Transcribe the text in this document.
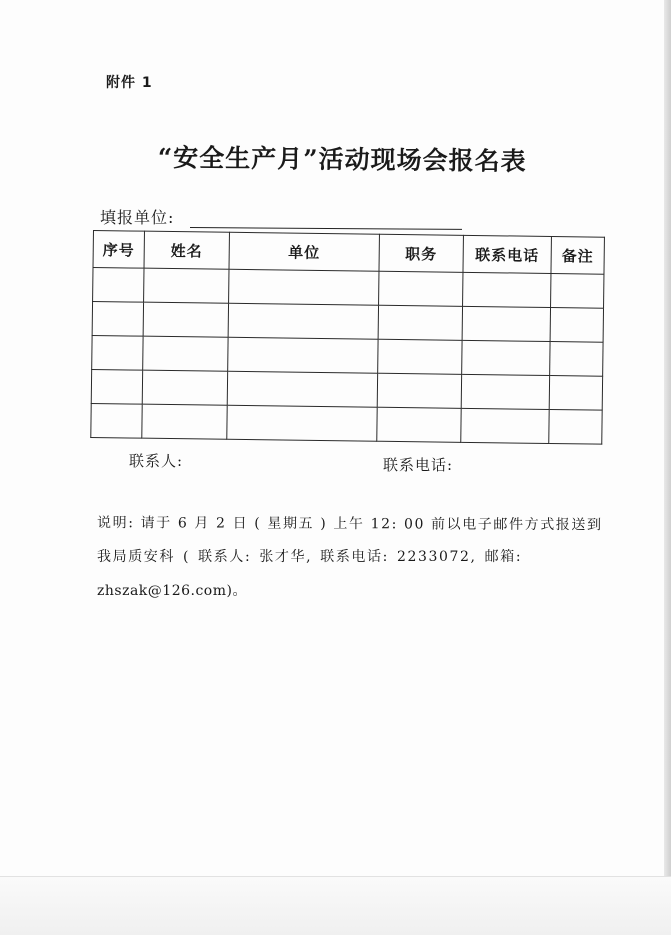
附件 1
“安全生产月”活动现场会报名表
填报单位:
序号	姓名	单位	职务	联系电话	备注

联系人:	联系电话:
说明: 请于 6 月 2 日 ( 星期五 ) 上午 12: 00 前以电子邮件方式报送到
我局质安科 ( 联系人: 张才华, 联系电话: 2233072, 邮箱:
zhszak@126.com)。
